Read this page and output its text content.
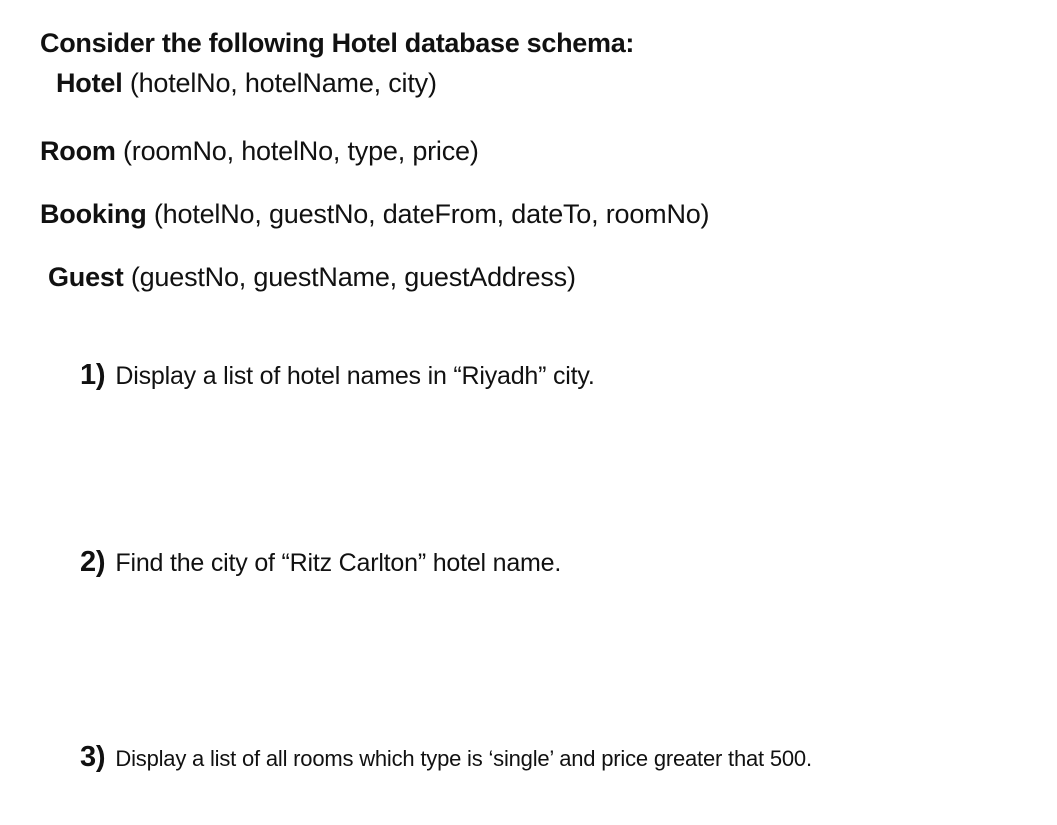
Consider the following Hotel database schema:
Hotel (hotelNo, hotelName, city)
Room (roomNo, hotelNo, type, price)
Booking (hotelNo, guestNo, dateFrom, dateTo, roomNo)
Guest (guestNo, guestName, guestAddress)
1) Display a list of hotel names in “Riyadh” city.
2) Find the city of “Ritz Carlton” hotel name.
3) Display a list of all rooms which type is ‘single’ and price greater that 500.
